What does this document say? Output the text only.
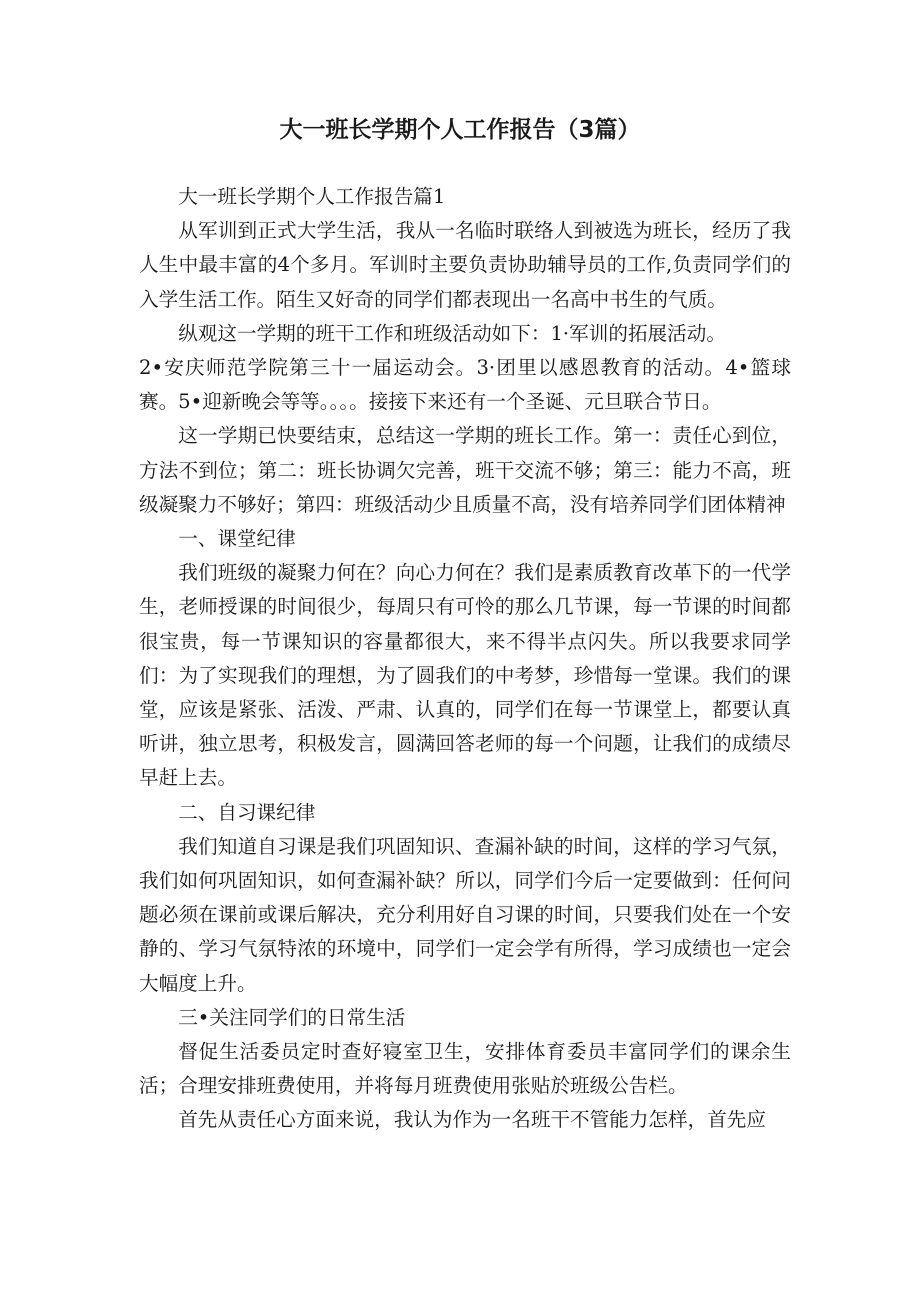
大一班长学期个人工作报告（3篇）

大一班长学期个人工作报告篇1

从军训到正式大学生活，我从一名临时联络人到被选为班长，经历了我人生中最丰富的4个多月。军训时主要负责协助辅导员的工作,负责同学们的入学生活工作。陌生又好奇的同学们都表现出一名高中书生的气质。

纵观这一学期的班干工作和班级活动如下：1·军训的拓展活动。

2•安庆师范学院第三十一届运动会。3·团里以感恩教育的活动。4•篮球赛。5•迎新晚会等等。。。。接接下来还有一个圣诞、元旦联合节日。

这一学期已快要结束，总结这一学期的班长工作。第一：责任心到位，方法不到位；第二：班长协调欠完善，班干交流不够；第三：能力不高，班级凝聚力不够好；第四：班级活动少且质量不高，没有培养同学们团体精神

一、课堂纪律

我们班级的凝聚力何在？向心力何在？我们是素质教育改革下的一代学生，老师授课的时间很少，每周只有可怜的那么几节课，每一节课的时间都很宝贵，每一节课知识的容量都很大，来不得半点闪失。所以我要求同学们：为了实现我们的理想，为了圆我们的中考梦，珍惜每一堂课。我们的课堂，应该是紧张、活泼、严肃、认真的，同学们在每一节课堂上，都要认真听讲，独立思考，积极发言，圆满回答老师的每一个问题，让我们的成绩尽早赶上去。

二、自习课纪律

我们知道自习课是我们巩固知识、查漏补缺的时间，这样的学习气氛，我们如何巩固知识，如何查漏补缺？所以，同学们今后一定要做到：任何问题必须在课前或课后解决，充分利用好自习课的时间，只要我们处在一个安静的、学习气氛特浓的环境中，同学们一定会学有所得，学习成绩也一定会大幅度上升。

三•关注同学们的日常生活

督促生活委员定时查好寝室卫生，安排体育委员丰富同学们的课余生活；合理安排班费使用，并将每月班费使用张贴於班级公告栏。

首先从责任心方面来说，我认为作为一名班干不管能力怎样，首先应
